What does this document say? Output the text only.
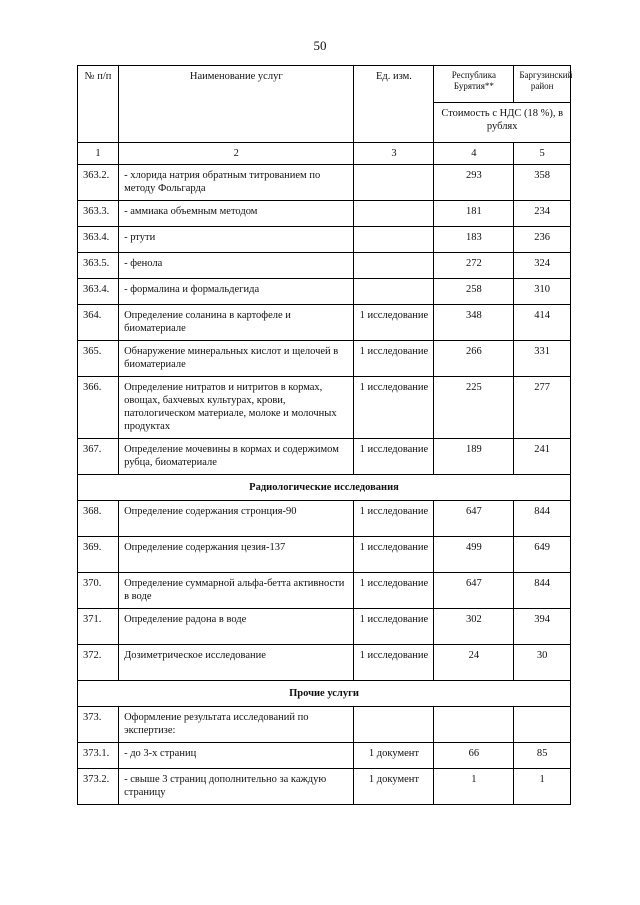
50
№ п/п	Наименование услуг	Ед. изм.	Республика Бурятия**	Баргузинский район
			Стоимость с НДС (18 %), в рублях	
1	2	3	4	5
363.2.	- хлорида натрия обратным титрованием по методу Фольгарда		293	358
363.3.	- аммиака объемным методом		181	234
363.4.	- ртути		183	236
363.5.	- фенола		272	324
363.4.	- формалина и формальдегида		258	310
364.	Определение соланина в картофеле и биоматериале	1 исследование	348	414
365.	Обнаружение минеральных кислот и щелочей в биоматериале	1 исследование	266	331
366.	Определение нитратов и нитритов в кормах, овощах, бахчевых культурах, крови, патологическом материале, молоке и молочных продуктах	1 исследование	225	277
367.	Определение мочевины в кормах и содержимом рубца, биоматериале	1 исследование	189	241
Радиологические исследования				
368.	Определение содержания стронция-90	1 исследование	647	844
369.	Определение содержания цезия-137	1 исследование	499	649
370.	Определение суммарной альфа-бетта активности в воде	1 исследование	647	844
371.	Определение радона в воде	1 исследование	302	394
372.	Дозиметрическое исследование	1 исследование	24	30
Прочие услуги				
373.	Оформление результата исследований по экспертизе:			
373.1.	- до 3-х страниц	1 документ	66	85
373.2.	- свыше 3 страниц дополнительно за каждую страницу	1 документ	1	1
